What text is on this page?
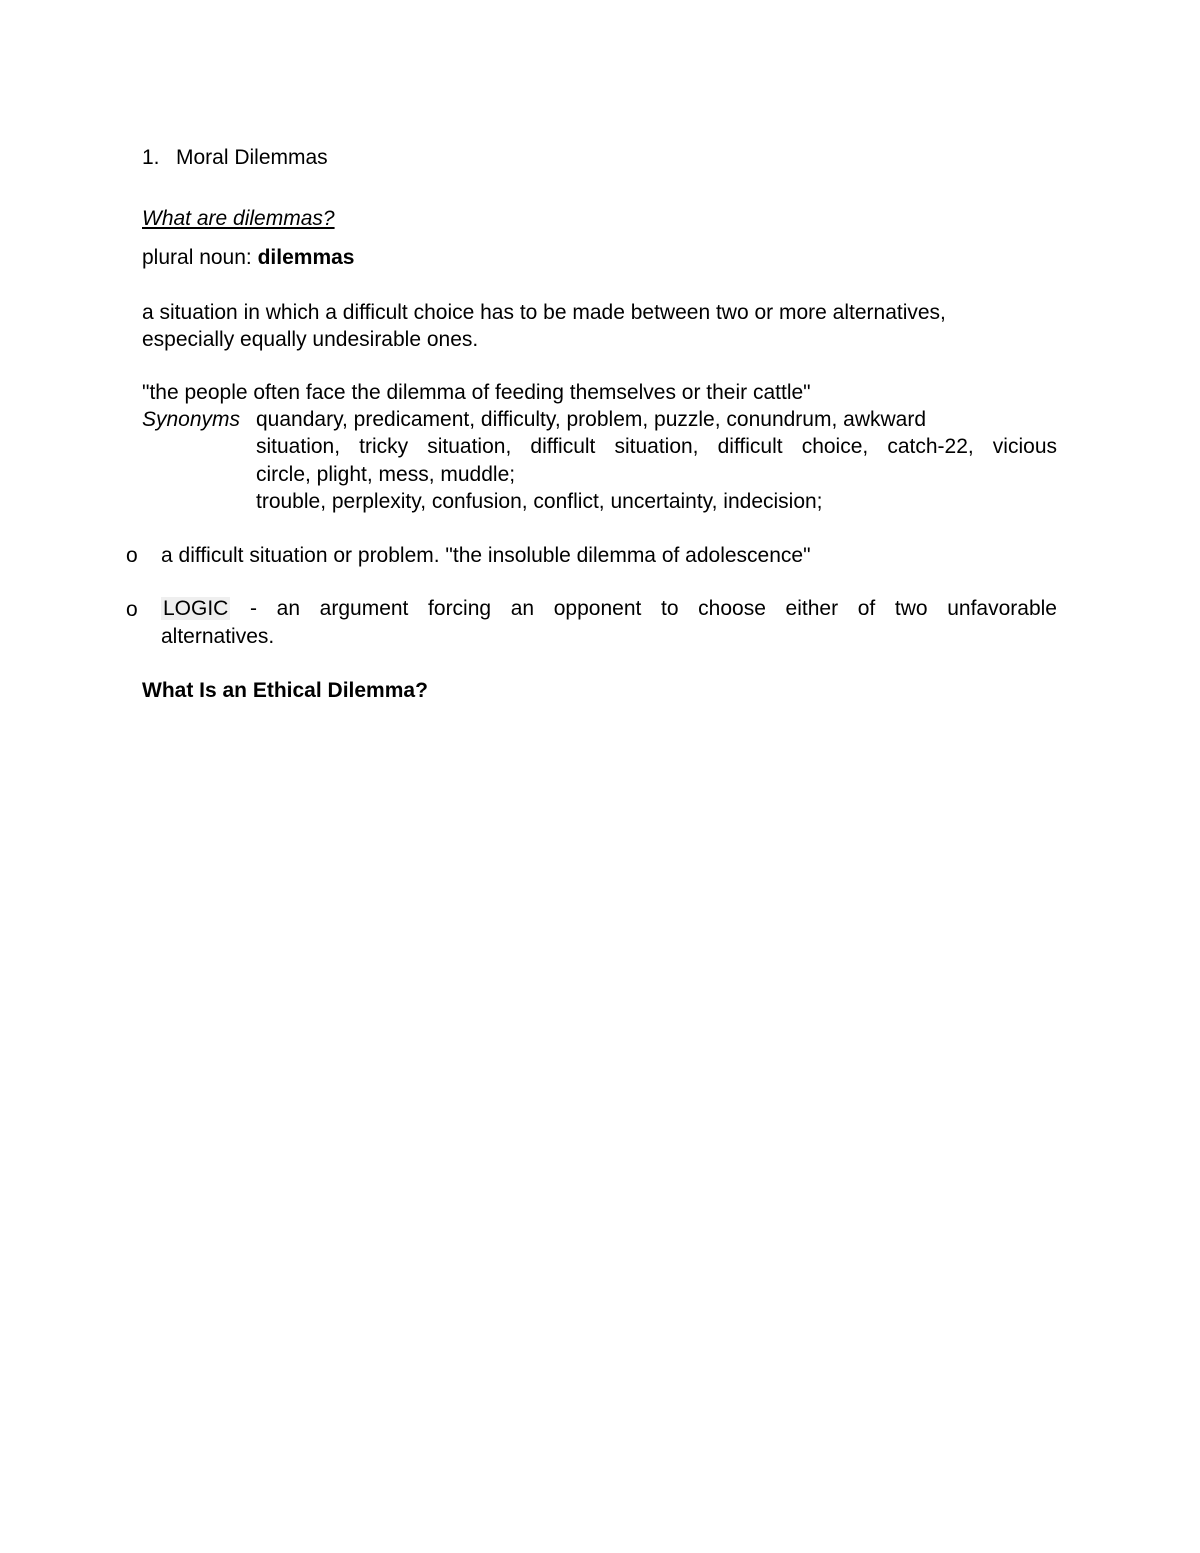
1. Moral Dilemmas
What are dilemmas?
plural noun: dilemmas
a situation in which a difficult choice has to be made between two or more alternatives,
especially equally undesirable ones.
"the people often face the dilemma of feeding themselves or their cattle"
Synonyms quandary, predicament, difficulty, problem, puzzle, conundrum, awkward
situation, tricky situation, difficult situation, difficult choice, catch-22, vicious
circle, plight, mess, muddle;
trouble, perplexity, confusion, conflict, uncertainty, indecision;
o a difficult situation or problem. "the insoluble dilemma of adolescence"
o LOGIC - an argument forcing an opponent to choose either of two unfavorable
alternatives.
What Is an Ethical Dilemma?
